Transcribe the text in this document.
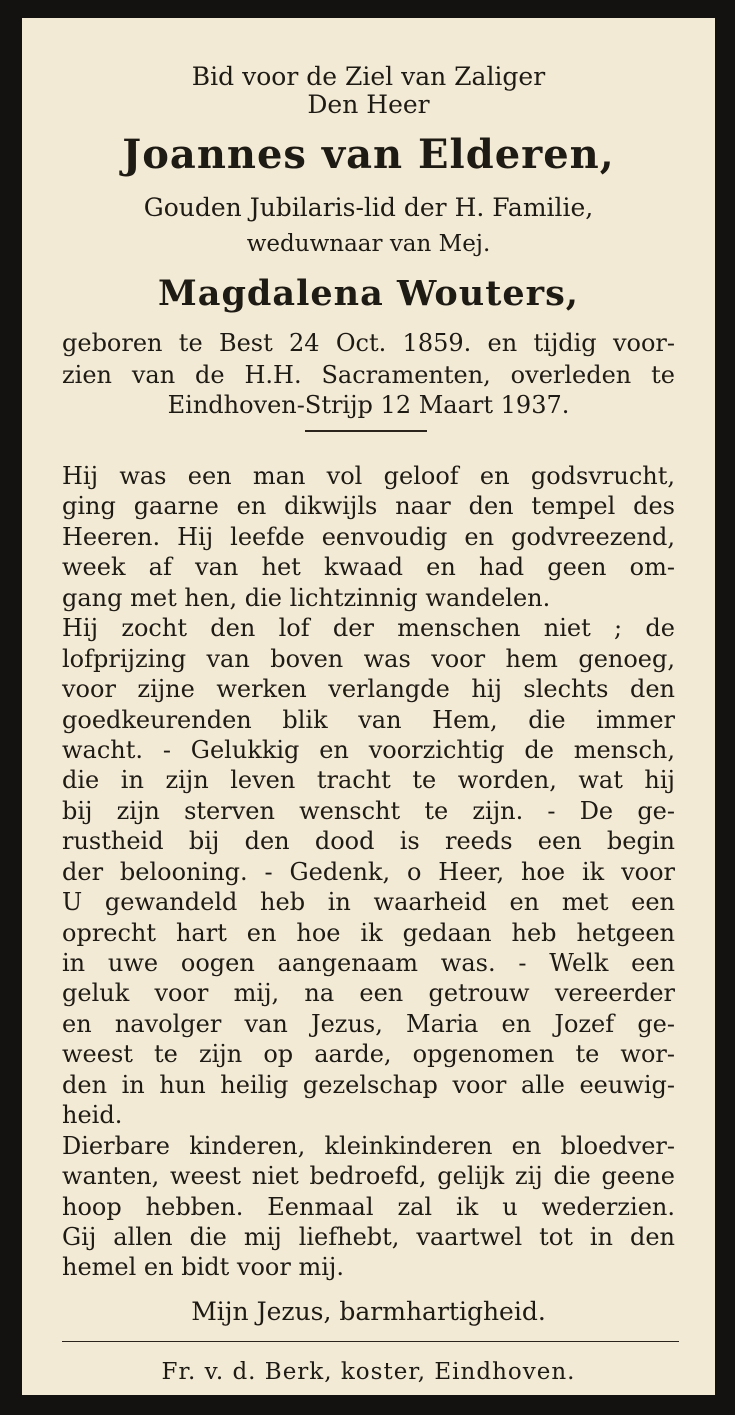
Bid voor de Ziel van Zaliger
Den Heer
Joannes van Elderen,
Gouden Jubilaris-lid der H. Familie,
weduwnaar van Mej.
Magdalena Wouters,
geboren te Best 24 Oct. 1859. en tijdig voor-
zien van de H.H. Sacramenten, overleden te
Eindhoven-Strijp 12 Maart 1937.
Hij was een man vol geloof en godsvrucht,
ging gaarne en dikwijls naar den tempel des
Heeren. Hij leefde eenvoudig en godvreezend,
week af van het kwaad en had geen om-
gang met hen, die lichtzinnig wandelen.
Hij zocht den lof der menschen niet ; de
lofprijzing van boven was voor hem genoeg,
voor zijne werken verlangde hij slechts den
goedkeurenden blik van Hem, die immer
wacht. - Gelukkig en voorzichtig de mensch,
die in zijn leven tracht te worden, wat hij
bij zijn sterven wenscht te zijn. - De ge-
rustheid bij den dood is reeds een begin
der belooning. - Gedenk, o Heer, hoe ik voor
U gewandeld heb in waarheid en met een
oprecht hart en hoe ik gedaan heb hetgeen
in uwe oogen aangenaam was. - Welk een
geluk voor mij, na een getrouw vereerder
en navolger van Jezus, Maria en Jozef ge-
weest te zijn op aarde, opgenomen te wor-
den in hun heilig gezelschap voor alle eeuwig-
heid.
Dierbare kinderen, kleinkinderen en bloedver-
wanten, weest niet bedroefd, gelijk zij die geene
hoop hebben. Eenmaal zal ik u wederzien.
Gij allen die mij liefhebt, vaartwel tot in den
hemel en bidt voor mij.
Mijn Jezus, barmhartigheid.
Fr. v. d. Berk, koster, Eindhoven.
